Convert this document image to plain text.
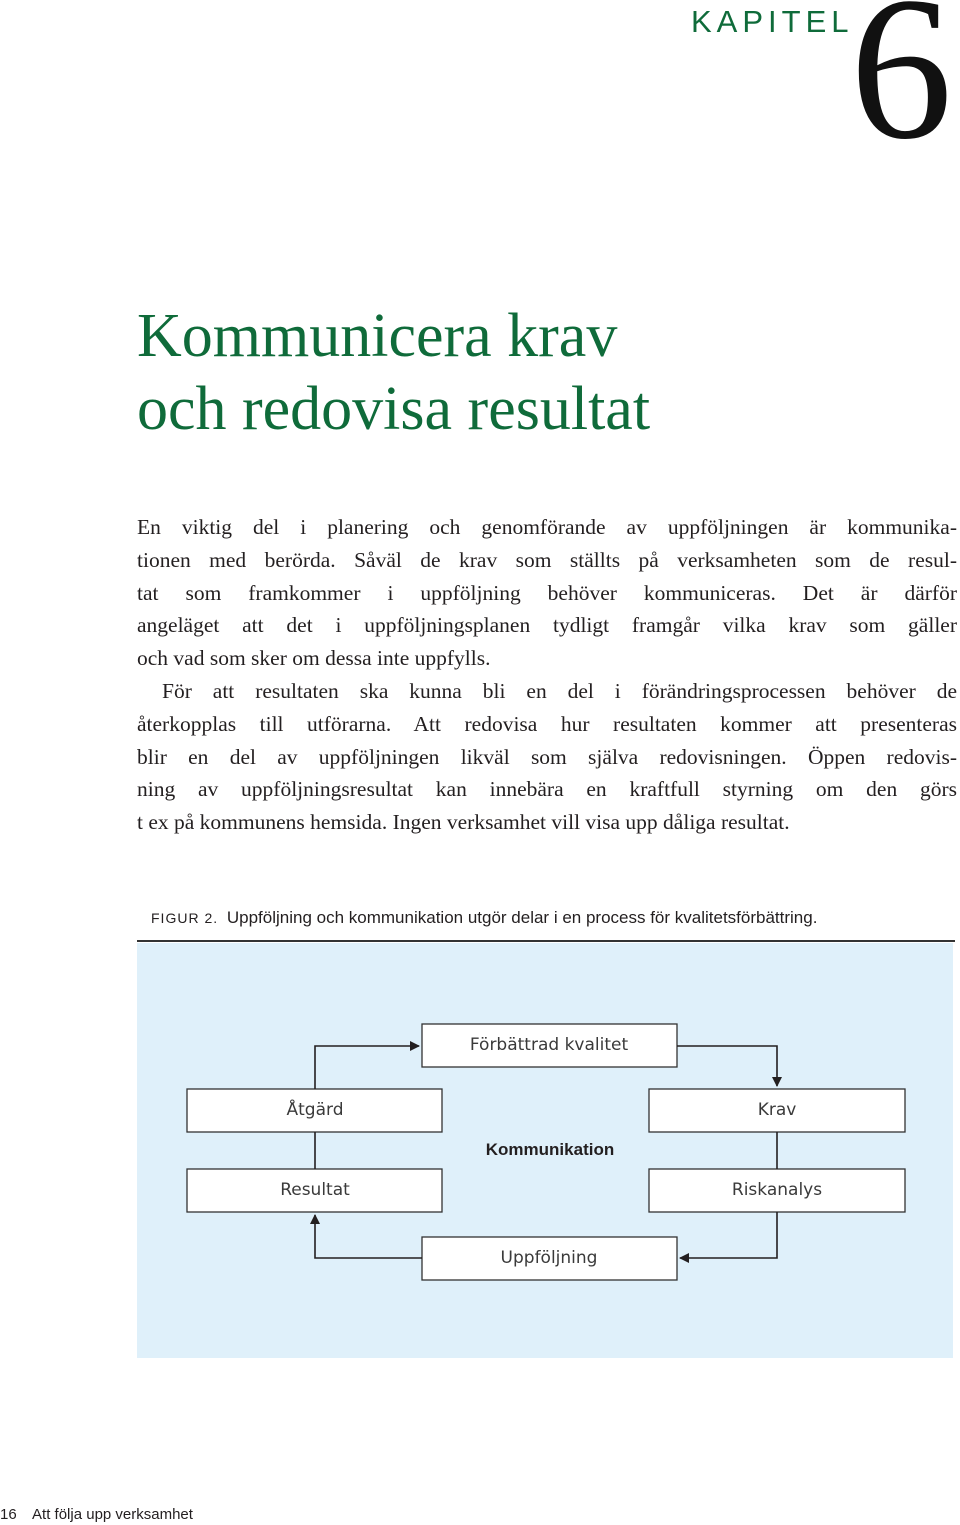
KAPITEL
6
Kommunicera krav
och redovisa resultat
En viktig del i planering och genomförande av uppföljningen är kommunika-
tionen med berörda. Såväl de krav som ställts på verksamheten som de resul-
tat som framkommer i uppföljning behöver kommuniceras. Det är därför
angeläget att det i uppföljningsplanen tydligt framgår vilka krav som gäller
och vad som sker om dessa inte uppfylls.
För att resultaten ska kunna bli en del i förändringsprocessen behöver de
återkopplas till utförarna. Att redovisa hur resultaten kommer att presenteras
blir en del av uppföljningen likväl som själva redovisningen. Öppen redovis-
ning av uppföljningsresultat kan innebära en kraftfull styrning om den görs
t ex på kommunens hemsida. Ingen verksamhet vill visa upp dåliga resultat.
FIGUR 2. Uppföljning och kommunikation utgör delar i en process för kvalitetsförbättring.
Förbättrad kvalitet
Krav
Riskanalys
Uppföljning
Resultat
Åtgärd
Kommunikation
16 Att följa upp verksamhet
